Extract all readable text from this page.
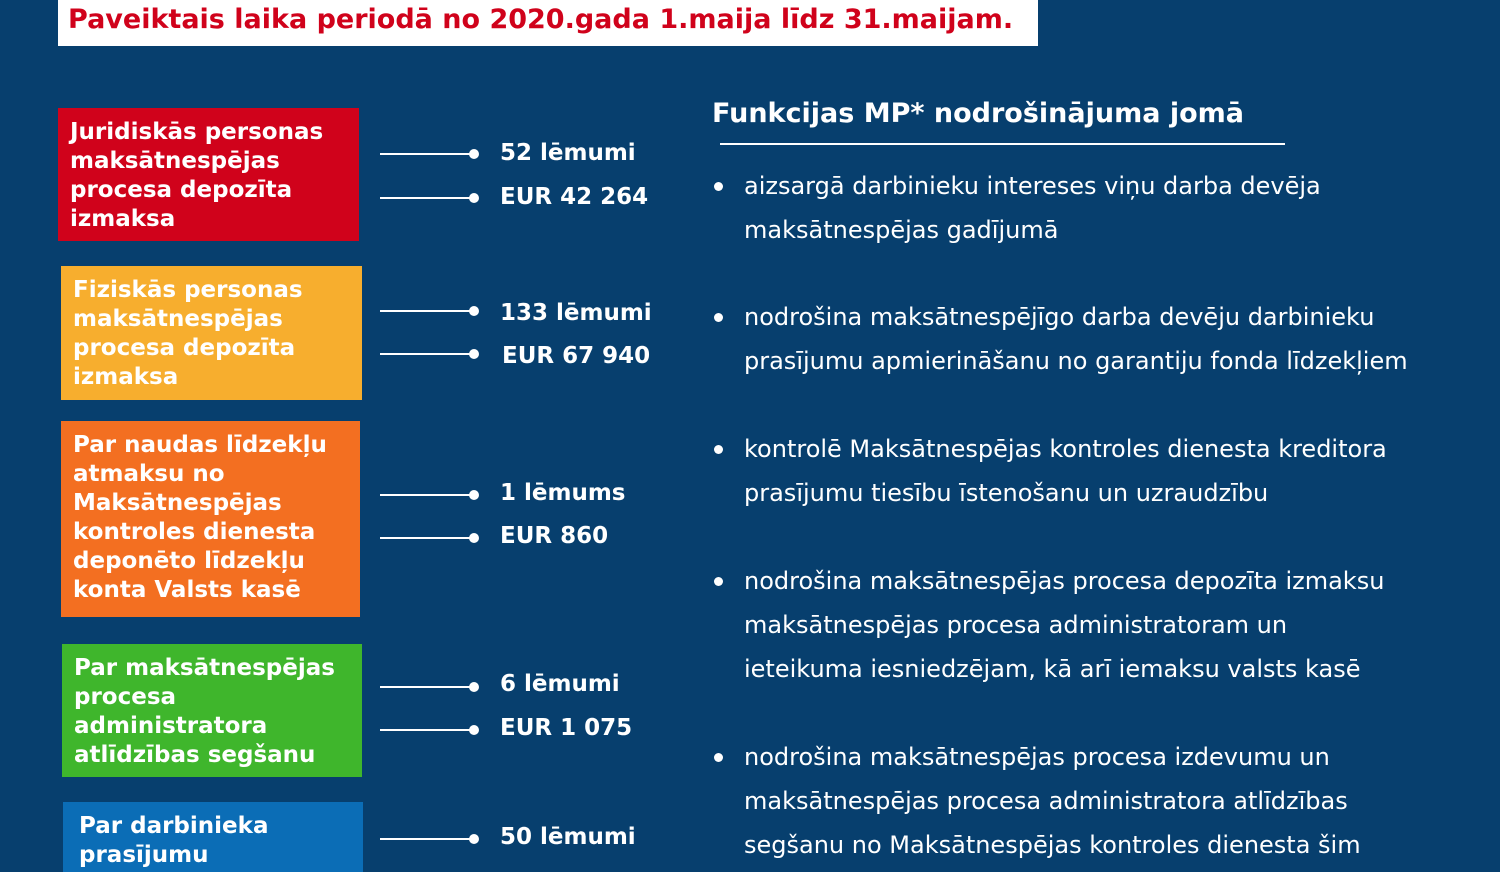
Paveiktais laika periodā no 2020.gada 1.maija līdz 31.maijam.
Juridiskās personas
maksātnespējas
procesa depozīta
izmaksa
52 lēmumi
EUR 42 264
Fiziskās personas
maksātnespējas
procesa depozīta
izmaksa
133 lēmumi
EUR 67 940
Par naudas līdzekļu
atmaksu no
Maksātnespējas
kontroles dienesta
deponēto līdzekļu
konta Valsts kasē
1 lēmums
EUR 860
Par maksātnespējas
procesa
administratora
atlīdzības segšanu
6 lēmumi
EUR 1 075
Par darbinieka
prasījumu
50 lēmumi
Funkcijas MP* nodrošinājuma jomā
aizsargā darbinieku intereses viņu darba devēja
maksātnespējas gadījumā
nodrošina maksātnespējīgo darba devēju darbinieku
prasījumu apmierināšanu no garantiju fonda līdzekļiem
kontrolē Maksātnespējas kontroles dienesta kreditora
prasījumu tiesību īstenošanu un uzraudzību
nodrošina maksātnespējas procesa depozīta izmaksu
maksātnespējas procesa administratoram un
ieteikuma iesniedzējam, kā arī iemaksu valsts kasē
nodrošina maksātnespējas procesa izdevumu un
maksātnespējas procesa administratora atlīdzības
segšanu no Maksātnespējas kontroles dienesta šim
